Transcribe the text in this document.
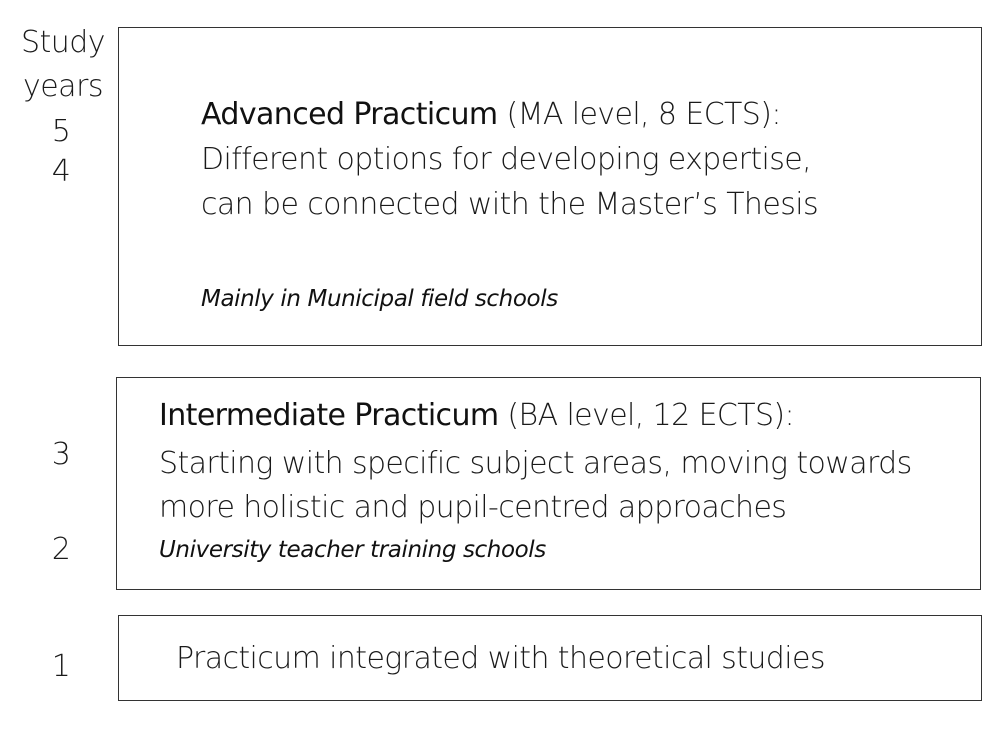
Study
years
5
4
3
2
1
Advanced Practicum (MA level, 8 ECTS):
Different options for developing expertise,
can be connected with the Master’s Thesis
Mainly in Municipal field schools
Intermediate Practicum (BA level, 12 ECTS):
Starting with specific subject areas, moving towards
more holistic and pupil-centred approaches
University teacher training schools
Practicum integrated with theoretical studies
